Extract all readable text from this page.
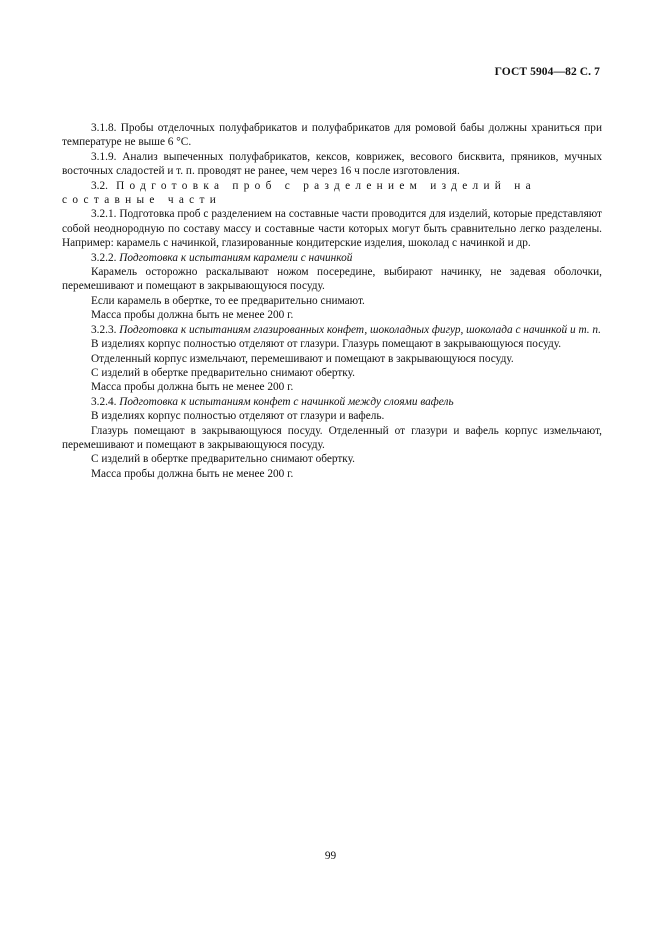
ГОСТ 5904—82 С. 7

3.1.8. Пробы отделочных полуфабрикатов и полуфабрикатов для ромовой бабы должны храниться при температуре не выше 6 °С.

3.1.9. Анализ выпеченных полуфабрикатов, кексов, коврижек, весового бисквита, пряников, мучных восточных сладостей и т. п. проводят не ранее, чем через 16 ч после изготовления.

3.2. Подготовка проб с разделением изделий на составные части

3.2.1. Подготовка проб с разделением на составные части проводится для изделий, которые представляют собой неоднородную по составу массу и составные части которых могут быть сравнительно легко разделены. Например: карамель с начинкой, глазированные кондитерские изделия, шоколад с начинкой и др.

3.2.2. Подготовка к испытаниям карамели с начинкой

Карамель осторожно раскалывают ножом посередине, выбирают начинку, не задевая оболочки, перемешивают и помещают в закрывающуюся посуду.

Если карамель в обертке, то ее предварительно снимают.

Масса пробы должна быть не менее 200 г.

3.2.3. Подготовка к испытаниям глазированных конфет, шоколадных фигур, шоколада с начинкой и т. п.

В изделиях корпус полностью отделяют от глазури. Глазурь помещают в закрывающуюся посуду.

Отделенный корпус измельчают, перемешивают и помещают в закрывающуюся посуду.

С изделий в обертке предварительно снимают обертку.

Масса пробы должна быть не менее 200 г.

3.2.4. Подготовка к испытаниям конфет с начинкой между слоями вафель

В изделиях корпус полностью отделяют от глазури и вафель.

Глазурь помещают в закрывающуюся посуду. Отделенный от глазури и вафель корпус измельчают, перемешивают и помещают в закрывающуюся посуду.

С изделий в обертке предварительно снимают обертку.

Масса пробы должна быть не менее 200 г.

99
